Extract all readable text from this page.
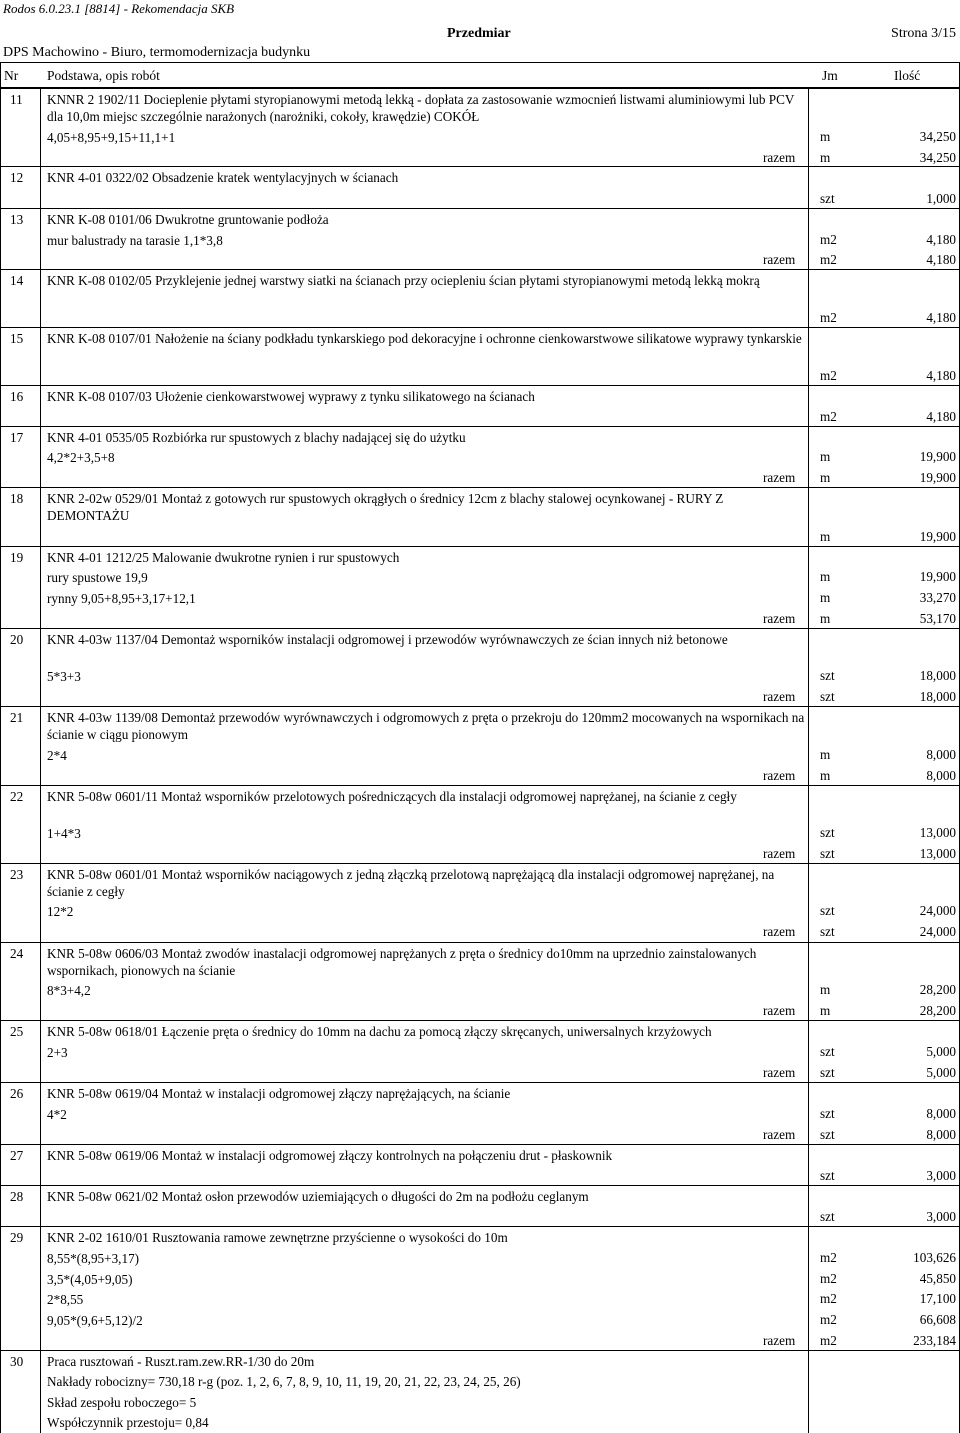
Rodos 6.0.23.1 [8814] - Rekomendacja SKB
Przedmiar	Strona 3/15
DPS Machowino - Biuro, termomodernizacja budynku
Nr Podstawa, opis robót	Jm	Ilość
11 KNNR 2 1902/11 Docieplenie płytami styropianowymi metodą lekką - dopłata za zastosowanie wzmocnień listwami aluminiowymi lub PCV dla 10,0m miejsc szczególnie narażonych (narożniki, cokoły, krawędzie) COKÓŁ
4,05+8,95+9,15+11,1+1	m	34,250
razem m	34,250
12 KNR 4-01 0322/02 Obsadzenie kratek wentylacyjnych w ścianach
szt	1,000
13 KNR K-08 0101/06 Dwukrotne gruntowanie podłoża
mur balustrady na tarasie 1,1*3,8	m2	4,180
razem m2	4,180
14 KNR K-08 0102/05 Przyklejenie jednej warstwy siatki na ścianach przy ociepleniu ścian płytami styropianowymi metodą lekką mokrą
m2	4,180
15 KNR K-08 0107/01 Nałożenie na ściany podkładu tynkarskiego pod dekoracyjne i ochronne cienkowarstwowe silikatowe wyprawy tynkarskie
m2	4,180
16 KNR K-08 0107/03 Ułożenie cienkowarstwowej wyprawy z tynku silikatowego na ścianach
m2	4,180
17 KNR 4-01 0535/05 Rozbiórka rur spustowych z blachy nadającej się do użytku
4,2*2+3,5+8	m	19,900
razem m	19,900
18 KNR 2-02w 0529/01 Montaż z gotowych rur spustowych okrągłych o średnicy 12cm z blachy stalowej ocynkowanej - RURY Z DEMONTAŻU
m	19,900
19 KNR 4-01 1212/25 Malowanie dwukrotne rynien i rur spustowych
rury spustowe 19,9	m	19,900
rynny 9,05+8,95+3,17+12,1	m	33,270
razem m	53,170
20 KNR 4-03w 1137/04 Demontaż wsporników instalacji odgromowej i przewodów wyrównawczych ze ścian innych niż betonowe
5*3+3	szt	18,000
razem szt	18,000
21 KNR 4-03w 1139/08 Demontaż przewodów wyrównawczych i odgromowych z pręta o przekroju do 120mm2 mocowanych na wspornikach na ścianie w ciągu pionowym
2*4	m	8,000
razem m	8,000
22 KNR 5-08w 0601/11 Montaż wsporników przelotowych pośredniczących dla instalacji odgromowej naprężanej, na ścianie z cegły
1+4*3	szt	13,000
razem szt	13,000
23 KNR 5-08w 0601/01 Montaż wsporników naciągowych z jedną złączką przelotową naprężającą dla instalacji odgromowej naprężanej, na ścianie z cegły
12*2	szt	24,000
razem szt	24,000
24 KNR 5-08w 0606/03 Montaż zwodów inastalacji odgromowej naprężanych z pręta o średnicy do10mm na uprzednio zainstalowanych wspornikach, pionowych na ścianie
8*3+4,2	m	28,200
razem m	28,200
25 KNR 5-08w 0618/01 Łączenie pręta o średnicy do 10mm na dachu za pomocą złączy skręcanych, uniwersalnych krzyżowych
2+3	szt	5,000
razem szt	5,000
26 KNR 5-08w 0619/04 Montaż w instalacji odgromowej złączy naprężających, na ścianie
4*2	szt	8,000
razem szt	8,000
27 KNR 5-08w 0619/06 Montaż w instalacji odgromowej złączy kontrolnych na połączeniu drut - płaskownik
szt	3,000
28 KNR 5-08w 0621/02 Montaż osłon przewodów uziemiających o długości do 2m na podłożu ceglanym
szt	3,000
29 KNR 2-02 1610/01 Rusztowania ramowe zewnętrzne przyścienne o wysokości do 10m
8,55*(8,95+3,17)	m2	103,626
3,5*(4,05+9,05)	m2	45,850
2*8,55	m2	17,100
9,05*(9,6+5,12)/2	m2	66,608
razem m2	233,184
30 Praca rusztowań - Ruszt.ram.zew.RR-1/30 do 20m
Nakłady robocizny= 730,18 r-g (poz. 1, 2, 6, 7, 8, 9, 10, 11, 19, 20, 21, 22, 23, 24, 25, 26)
Skład zespołu roboczego= 5
Współczynnik przestoju= 0,84
